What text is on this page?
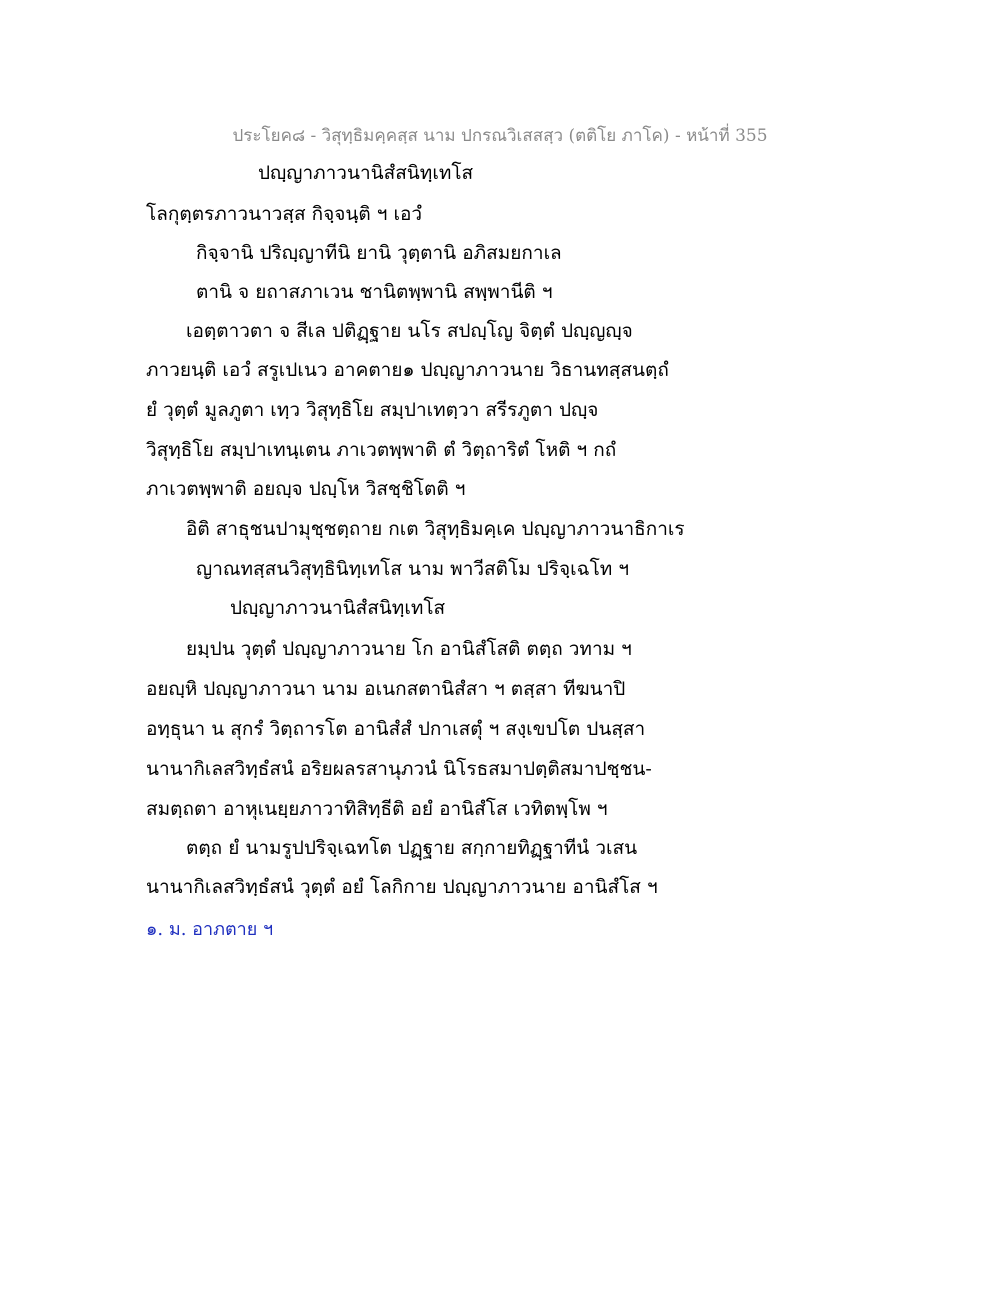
ประโยค๘ - วิสุทฺธิมคฺคสฺส นาม ปกรณวิเสสสฺว (ตติโย ภาโค) - หน้าที่ 355
ปญฺญาภาวนานิสํสนิทฺเทโส
โลกุตฺตรภาวนาวสฺส กิจฺจนฺติ ฯ เอวํ
กิจฺจานิ ปริญฺญาทีนิ ยานิ วุตฺตานิ อภิสมยกาเล
ตานิ จ ยถาสภาเวน ชานิตพฺพานิ สพฺพานีติ ฯ
เอตฺตาวตา จ สีเล ปติฏฺฐาย นโร สปญฺโญ จิตฺตํ ปญฺญญฺจ
ภาวยนฺติ เอวํ สรูเปเนว อาคตาย๑ ปญฺญาภาวนาย วิธานทสฺสนตฺถํ
ยํ วุตฺตํ มูลภูตา เทฺว วิสุทฺธิโย สมฺปาเทตฺวา สรีรภูตา ปญฺจ
วิสุทฺธิโย สมฺปาเทนฺเตน ภาเวตพฺพาติ ตํ วิตฺถาริตํ โหติ ฯ กถํ
ภาเวตพฺพาติ อยญฺจ ปญฺโห วิสชฺชิโตติ ฯ
อิติ สาธุชนปามุชฺชตฺถาย กเต วิสุทฺธิมคฺเค ปญฺญาภาวนาธิกาเร
ญาณทสฺสนวิสุทฺธินิทฺเทโส นาม พาวีสติโม ปริจฺเฉโท ฯ
ปญฺญาภาวนานิสํสนิทฺเทโส
ยมฺปน วุตฺตํ ปญฺญาภาวนาย โก อานิสํโสติ ตตฺถ วทาม ฯ
อยญฺหิ ปญฺญาภาวนา นาม อเนกสตานิสํสา ฯ ตสฺสา ทีฆนาปิ
อทฺธุนา น สุกรํ วิตฺถารโต อานิสํสํ ปกาเสตุํ ฯ สงฺเขปโต ปนสฺสา
นานากิเลสวิทฺธํสนํ อริยผลรสานุภวนํ นิโรธสมาปตฺติสมาปชฺชน-
สมตฺถตา อาหุเนยฺยภาวาทิสิทฺธีติ อยํ อานิสํโส เวทิตพฺโพ ฯ
ตตฺถ ยํ นามรูปปริจฺเฉทโต ปฏฺฐาย สกฺกายทิฏฺฐาทีนํ วเสน
นานากิเลสวิทฺธํสนํ วุตฺตํ อยํ โลกิกาย ปญฺญาภาวนาย อานิสํโส ฯ
๑. ม. อาภตาย ฯ
